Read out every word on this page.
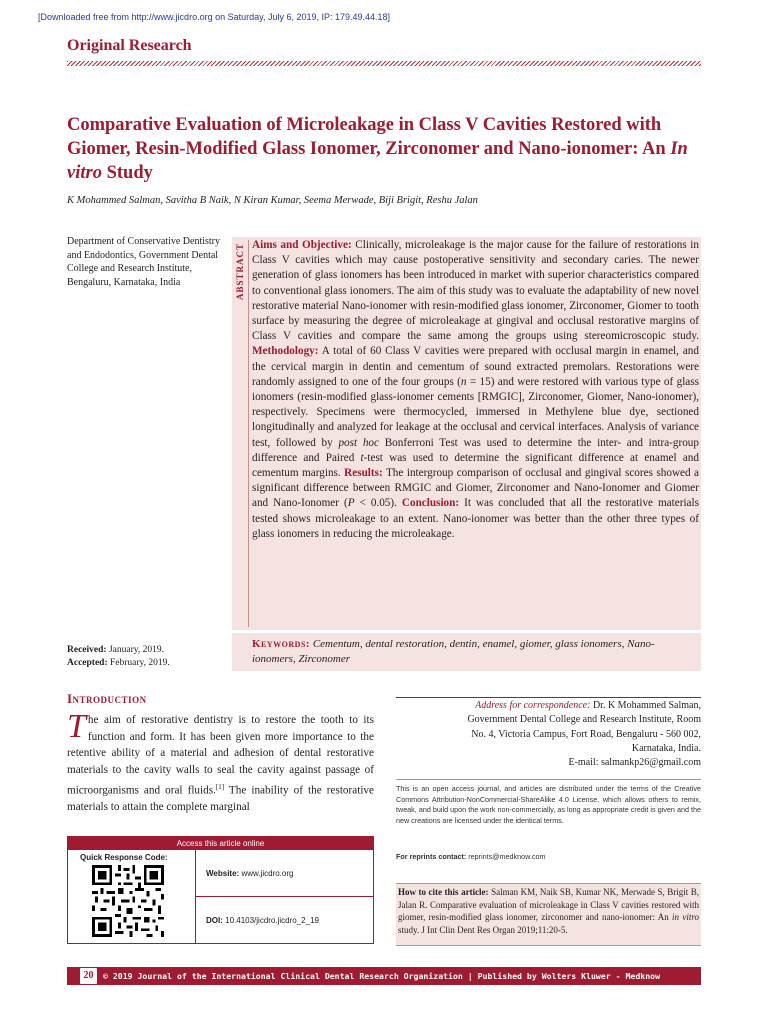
[Downloaded free from http://www.jicdro.org on Saturday, July 6, 2019, IP: 179.49.44.18]
Original Research
Comparative Evaluation of Microleakage in Class V Cavities Restored with Giomer, Resin-Modified Glass Ionomer, Zirconomer and Nano-ionomer: An In vitro Study
K Mohammed Salman, Savitha B Naik, N Kiran Kumar, Seema Merwade, Biji Brigit, Reshu Jalan
Department of Conservative Dentistry and Endodontics, Government Dental College and Research Institute, Bengaluru, Karnataka, India	ABSTRACT Aims and Objective: Clinically, microleakage is the major cause for the failure of restorations in Class V cavities which may cause postoperative sensitivity and secondary caries. The newer generation of glass ionomers has been introduced in market with superior characteristics compared to conventional glass ionomers. The aim of this study was to evaluate the adaptability of new novel restorative material Nano-ionomer with resin-modified glass ionomer, Zirconomer, Giomer to tooth surface by measuring the degree of microleakage at gingival and occlusal restorative margins of Class V cavities and compare the same among the groups using stereomicroscopic study. Methodology: A total of 60 Class V cavities were prepared with occlusal margin in enamel, and the cervical margin in dentin and cementum of sound extracted premolars. Restorations were randomly assigned to one of the four groups (n = 15) and were restored with various type of glass ionomers (resin-modified glass-ionomer cements [RMGIC], Zirconomer, Giomer, Nano-ionomer), respectively. Specimens were thermocycled, immersed in Methylene blue dye, sectioned longitudinally and analyzed for leakage at the occlusal and cervical interfaces. Analysis of variance test, followed by post hoc Bonferroni Test was used to determine the inter- and intra-group difference and Paired t-test was used to determine the significant difference at enamel and cementum margins. Results: The intergroup comparison of occlusal and gingival scores showed a significant difference between RMGIC and Giomer, Zirconomer and Nano-Ionomer and Giomer and Nano-Ionomer (P < 0.05). Conclusion: It was concluded that all the restorative materials tested shows microleakage to an extent. Nano-ionomer was better than the other three types of glass ionomers in reducing the microleakage.
Keywords: Cementum, dental restoration, dentin, enamel, giomer, glass ionomers, Nano-ionomers, Zirconomer
Received: January, 2019.
Accepted: February, 2019.
Introduction
The aim of restorative dentistry is to restore the tooth to its function and form. It has been given more importance to the retentive ability of a material and adhesion of dental restorative materials to the cavity walls to seal the cavity against passage of microorganisms and oral fluids.[1] The inability of the restorative materials to attain the complete marginal
Access this article online
Quick Response Code:
Website: www.jicdro.org
DOI: 10.4103/jicdro.jicdro_2_19
Address for correspondence: Dr. K Mohammed Salman,
Government Dental College and Research Institute, Room
No. 4, Victoria Campus, Fort Road, Bengaluru - 560 002,
Karnataka, India.
E-mail: salmankp26@gmail.com
This is an open access journal, and articles are distributed under the terms of the Creative Commons Attribution-NonCommercial-ShareAlike 4.0 License, which allows others to remix, tweak, and build upon the work non-commercially, as long as appropriate credit is given and the new creations are licensed under the identical terms.
For reprints contact: reprints@medknow.com
How to cite this article: Salman KM, Naik SB, Kumar NK, Merwade S, Brigit B, Jalan R. Comparative evaluation of microleakage in Class V cavities restored with giomer, resin-modified glass ionomer, zirconomer and nano-ionomer: An in vitro study. J Int Clin Dent Res Organ 2019;11:20-5.
20	© 2019 Journal of the International Clinical Dental Research Organization | Published by Wolters Kluwer - Medknow
